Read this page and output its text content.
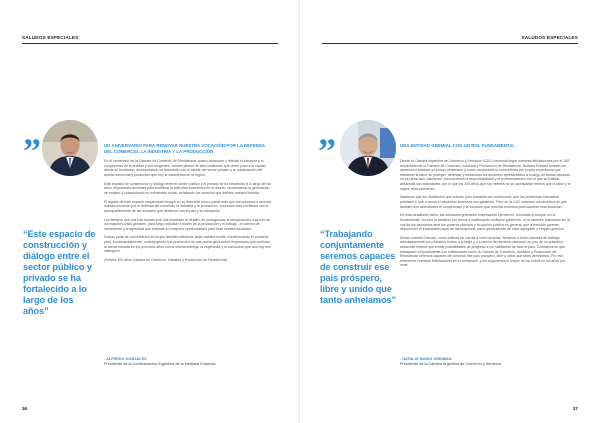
SALUDOS ESPECIALES
”
“Este espacio de construcción y diálogo entre el sector público y privado se ha fortalecido a lo largo de los años”
UN ANIVERSARIO PARA RENOVAR NUESTRA VOCACIÓN POR LA DEFENSA DEL COMERCIO, LA INDUSTRIA Y LA PRODUCCIÓN

En el centenario de la Cámara de Comercio de Resistencia, quiero reconocer y felicitar el esfuerzo y el compromiso de la entidad y sus dirigentes, valores plenos de este institución que viene junto a la ciudad, desde su fundación, acompañando su desarrollo con el aporte del sector privado y la colaboración del ámbito comercial y productivo que hoy le caracteriza en la región.

Este espacio de construcción y diálogo entre el sector público y el privado se ha fortalecido a lo largo de los años, impulsando acciones para mobilizar la actividad económica en el distrito, favoreciendo la generación de empleo y consolidando su entramado social, señalando los sentidos que definen nuestra historia.

El legado de este espacio empresarial ensaya en su dirección como puede más que convocamos a renovar nuestra vocación por la defensa del comercio, la industria y la producción, honrando esta confianza con el acompañamiento de las acciones que debemos con el país y su desarrollo.

Los tiempos que nos han tocado vivir nos enfrentan al desafío de protagonizar la recuperación, tras uno de los mayores crisis globales, para luego impulsar a través de la producción y el trabajo, un camino de crecimiento y prosperidad que redunde en mayores oportunidades para toda nuestra sociedad.

Somos parte de una tradición en la que también debemos dejar nuestra huella, transformando el presente, pero, fundamentalmente, contribuyendo a la promoción de una nueva generación empresaria que continúe la senda trazada en los próximos años con la misma entrega: la esperanza y la convicción que aún hoy nos distinguen.

¡Felices 100 años Cámara de Comercio, Industria y Producción de Resistencia!

- ALFREDO GONZÁLEZ
Presidente de la Confederación Argentina de la Mediana Empresa
36
SALUDOS ESPECIALES
”
“Trabajando conjuntamente seremos capaces de construir ese país próspero, libre y unido que tanto anhelamos”
UNA ENTIDAD GREMIAL CON UN ROL FUNDAMENTAL

Desde la Cámara Argentina de Comercio y Servicios (CAC) hacemos llegar nuestras felicitaciones por el 100° Aniversario de la Cámara de Comercio, Industria y Producción de Resistencia. Nuestra Entidad también se apresura a celebrar su primer centenario y como usualmente lo concurrimos por propia experiencia que mantener la labor de proteger, defender y desarrollar los sectores representados a lo largo de tantas décadas no es tarea fácil. Asimismo, reconocemos la responsabilidad y el profesionalismo con el que la Entidad desarrolla sus actividades, por lo que los 100 años que hoy celebra no se acompañan menos que la labor y el mayor reconocimiento.

Sabemos que los obstáculos que nuestro país presenta son numerosos, que los problemas irresueltos persisten y que a veces el desánimo amenaza con ganarnos. Pero en la CAC estamos convencidos de que también son abundantes el compromiso y la vocación que muchos tenemos para cambiar esta situación.

En esta desafiante tarea, las entidades gremiales empresarias ejercemos, honradas a cumplir un rol fundamental. No solo la tradición por bonos y reafirmando múltiples gobiernos, si no también buscamos ser la voz de los asociados ante los poderes públicos y la opinión pública en general, que a menudo parecen desconocer el invalorable papel de las empresas como generadoras de valor agregado y empleo genuino.

Desde nuestra Cámara, como entidad de cúpula a nivel nacional, llevamos a firme voluntad de trabajar articuladamente con nuestros socios a lo largo y a lo ancho del territorio nacional, en pos de un auténtico desarrollo federal que brinde posibilidades de progreso a los habitantes de todo el país. Confiamos en que trabajando conjuntamente con instituciones como la Cámara de Comercio, Industria y Producción de Resistencia seremos capaces de construir ese país próspero, libre y unido que tanto anhelamos. Por eso reiteramos nuestras felicitaciones en el centenario, y les auguramos el mayor de los éxitos en los años por venir.

- NATALIO MARIO GRINMAN
Presidente de la Cámara Argentina de Comercio y Servicios
37
